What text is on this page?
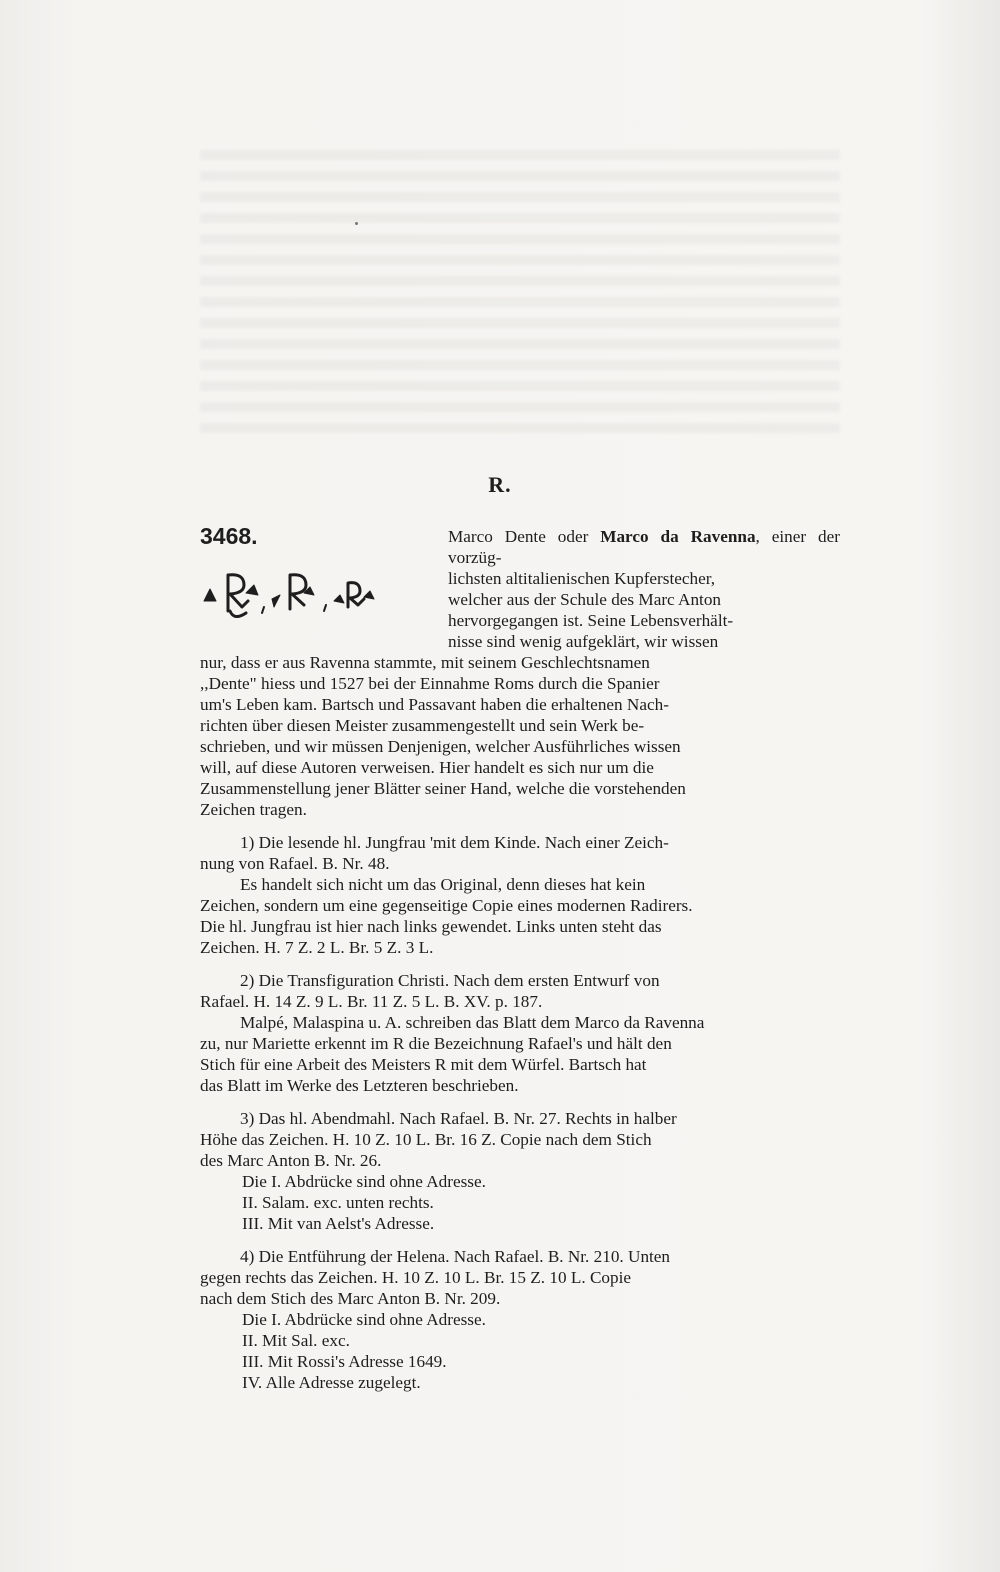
R.
3468.	Marco Dente oder Marco da Ravenna, einer der vorzüg-

lichsten altitalienischen Kupferstecher,

welcher aus der Schule des Marc Anton

hervorgegangen ist. Seine Lebensverhält-

nisse sind wenig aufgeklärt, wir wissen

nur, dass er aus Ravenna stammte, mit seinem Geschlechtsnamen

,,Dente" hiess und 1527 bei der Einnahme Roms durch die Spanier

um's Leben kam. Bartsch und Passavant haben die erhaltenen Nach-

richten über diesen Meister zusammengestellt und sein Werk be-

schrieben, und wir müssen Denjenigen, welcher Ausführliches wissen

will, auf diese Autoren verweisen. Hier handelt es sich nur um die

Zusammenstellung jener Blätter seiner Hand, welche die vorstehenden

Zeichen tragen.

1) Die lesende hl. Jungfrau 'mit dem Kinde. Nach einer Zeich-

nung von Rafael. B. Nr. 48.

Es handelt sich nicht um das Original, denn dieses hat kein

Zeichen, sondern um eine gegenseitige Copie eines modernen Radirers.

Die hl. Jungfrau ist hier nach links gewendet. Links unten steht das

Zeichen. H. 7 Z. 2 L. Br. 5 Z. 3 L.

2) Die Transfiguration Christi. Nach dem ersten Entwurf von

Rafael. H. 14 Z. 9 L. Br. 11 Z. 5 L. B. XV. p. 187.

Malpé, Malaspina u. A. schreiben das Blatt dem Marco da Ravenna

zu, nur Mariette erkennt im R die Bezeichnung Rafael's und hält den

Stich für eine Arbeit des Meisters R mit dem Würfel. Bartsch hat

das Blatt im Werke des Letzteren beschrieben.

3) Das hl. Abendmahl. Nach Rafael. B. Nr. 27. Rechts in halber

Höhe das Zeichen. H. 10 Z. 10 L. Br. 16 Z. Copie nach dem Stich

des Marc Anton B. Nr. 26.

Die I. Abdrücke sind ohne Adresse.

II. Salam. exc. unten rechts.

III. Mit van Aelst's Adresse.

4) Die Entführung der Helena. Nach Rafael. B. Nr. 210. Unten

gegen rechts das Zeichen. H. 10 Z. 10 L. Br. 15 Z. 10 L. Copie

nach dem Stich des Marc Anton B. Nr. 209.

Die I. Abdrücke sind ohne Adresse.

II. Mit Sal. exc.

III. Mit Rossi's Adresse 1649.

IV. Alle Adresse zugelegt.
